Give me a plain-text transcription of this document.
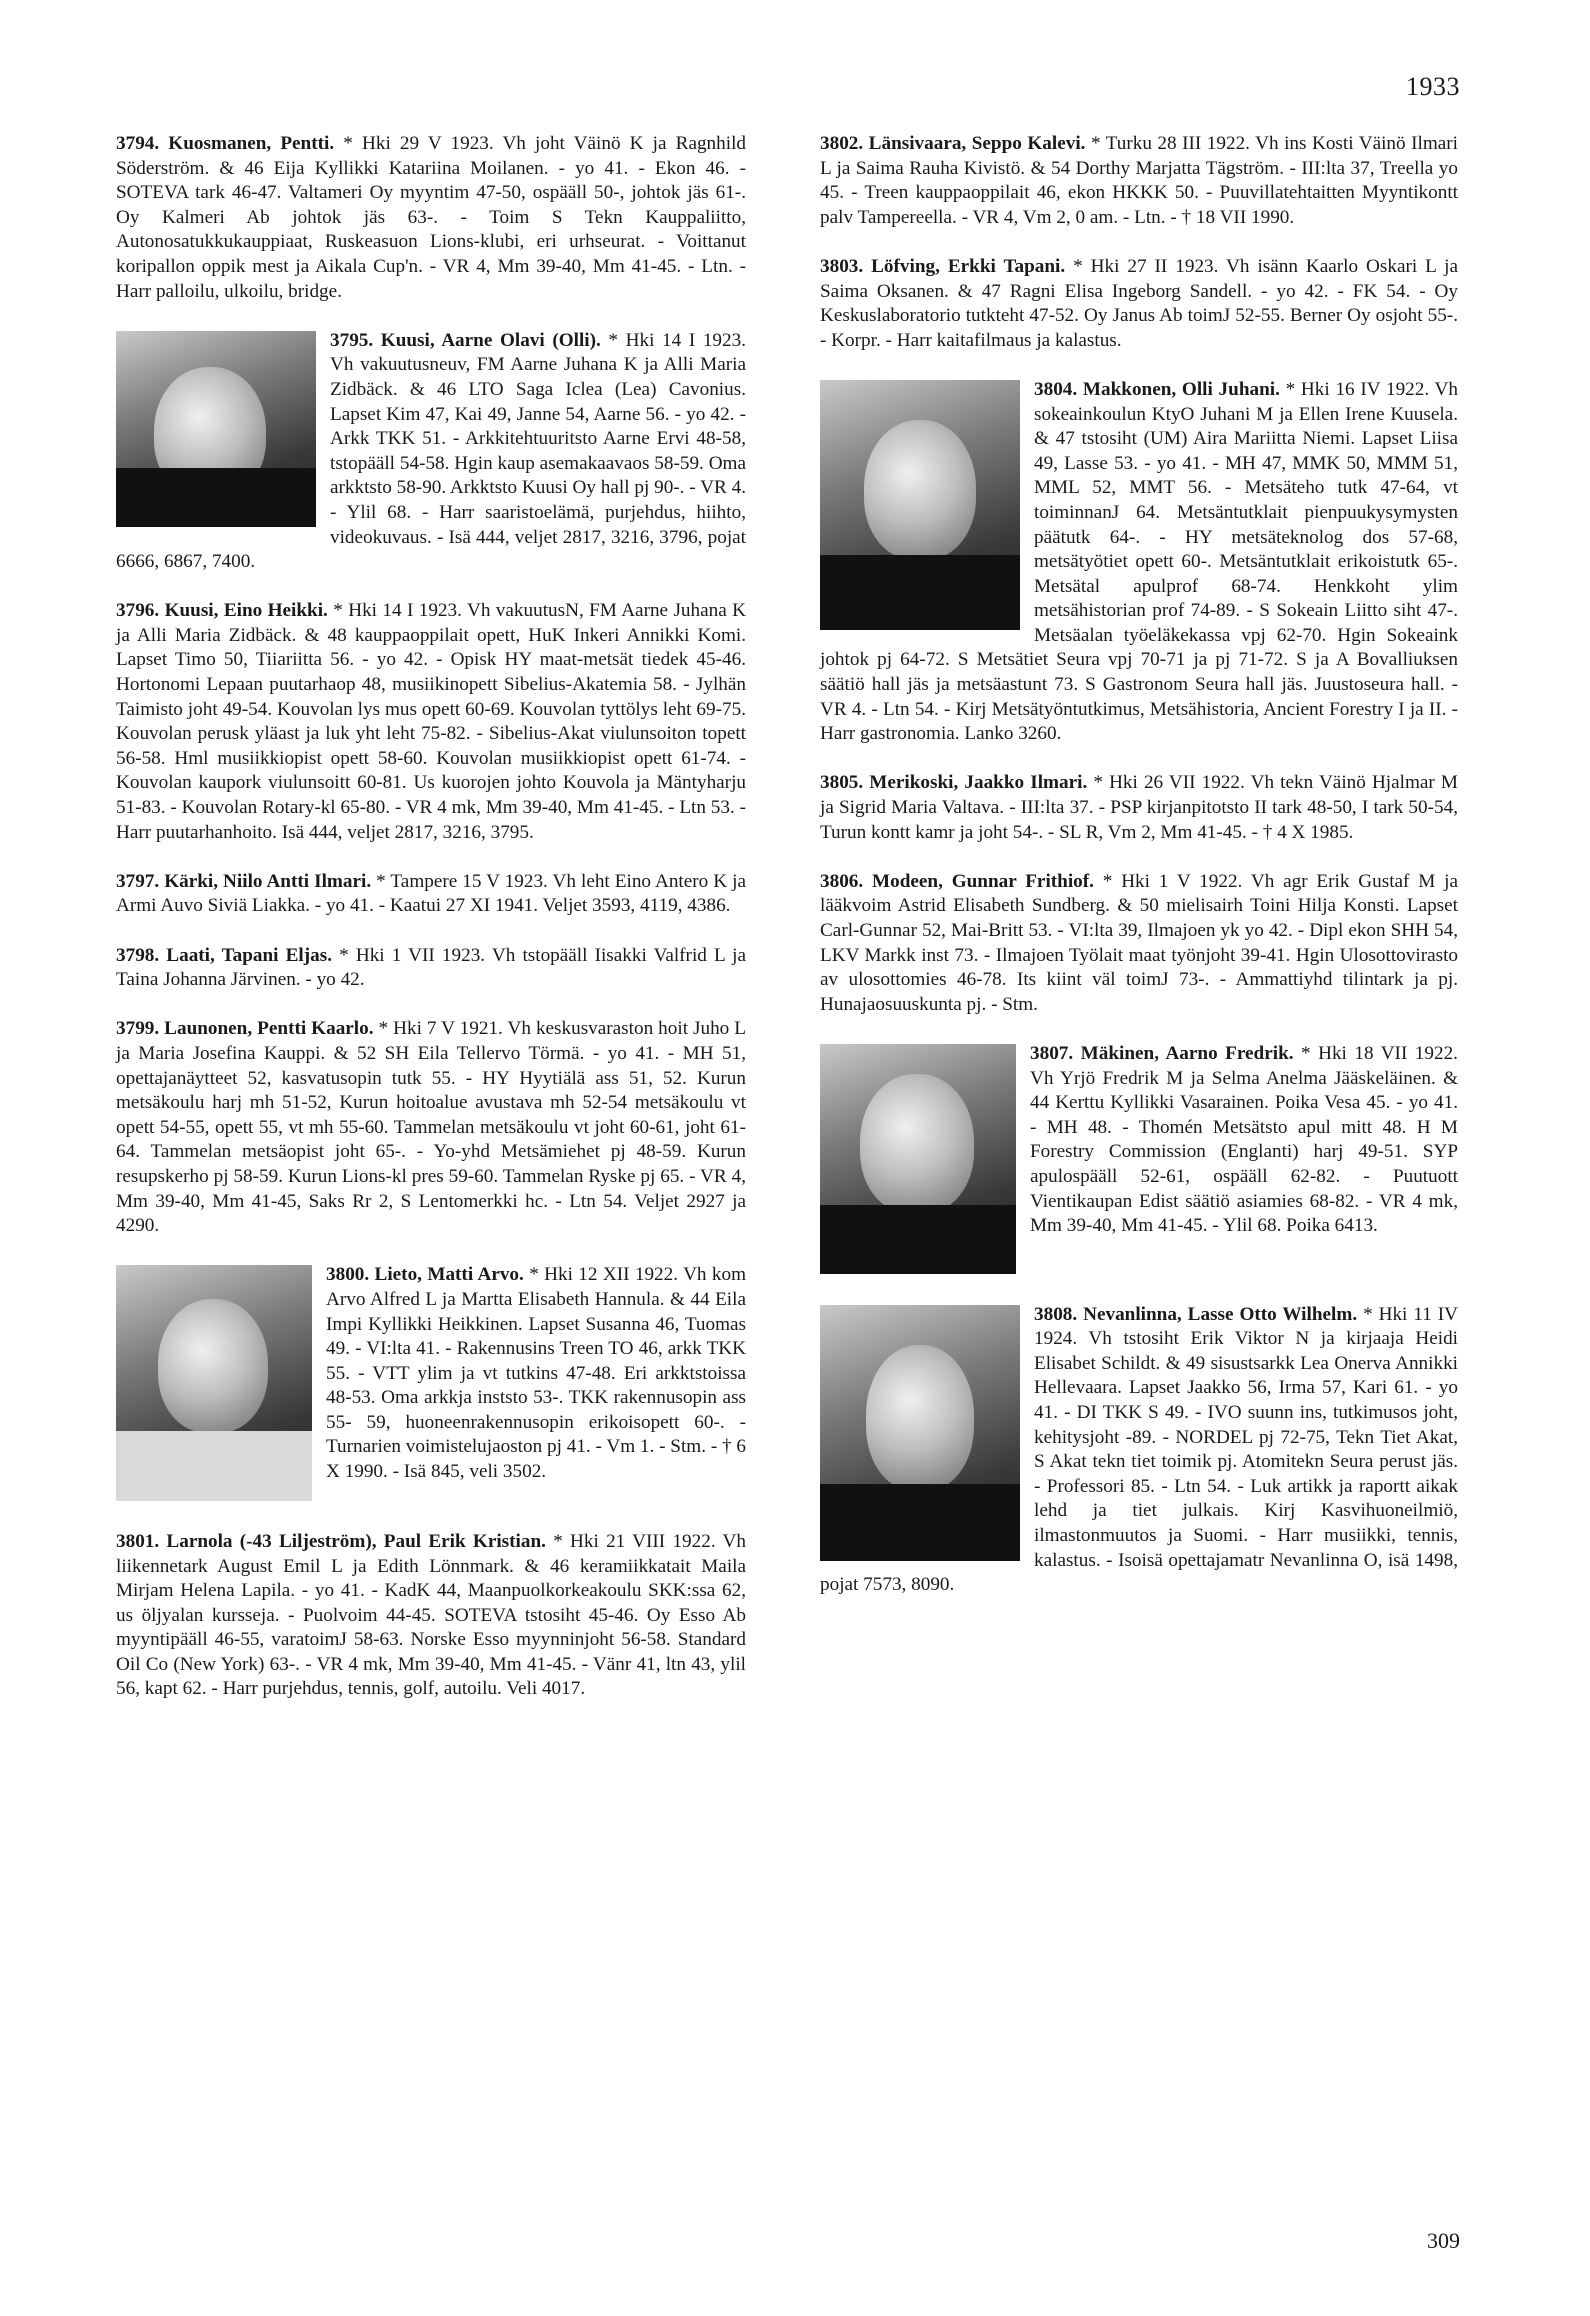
1933
3794. Kuosmanen, Pentti. * Hki 29 V 1923. Vh joht Väinö K ja Ragnhild Söderström. & 46 Eija Kyllikki Katariina Moilanen. - yo 41. - Ekon 46. - SOTEVA tark 46-47. Valtameri Oy myyntim 47-50, ospääll 50-, johtok jäs 61-. Oy Kalmeri Ab johtok jäs 63-. - Toim S Tekn Kauppaliitto, Autonosatukkukauppiaat, Ruskeasuon Lions-klubi, eri urhseurat. - Voittanut koripallon oppik mest ja Aikala Cup'n. - VR 4, Mm 39-40, Mm 41-45. - Ltn. - Harr palloilu, ulkoilu, bridge.
3795. Kuusi, Aarne Olavi (Olli). * Hki 14 I 1923. Vh vakuutusneuv, FM Aarne Juhana K ja Alli Maria Zidbäck. & 46 LTO Saga Iclea (Lea) Cavonius. Lapset Kim 47, Kai 49, Janne 54, Aarne 56. - yo 42. - Arkk TKK 51. - Arkkitehtuuritsto Aarne Ervi 48-58, tstopääll 54-58. Hgin kaup asemakaavaos 58-59. Oma arkktsto 58-90. Arkktsto Kuusi Oy hall pj 90-. - VR 4. - Ylil 68. - Harr saaristoelämä, purjehdus, hiihto, videokuvaus. - Isä 444, veljet 2817, 3216, 3796, pojat 6666, 6867, 7400.
3796. Kuusi, Eino Heikki. * Hki 14 I 1923. Vh vakuutusN, FM Aarne Juhana K ja Alli Maria Zidbäck. & 48 kauppaoppilait opett, HuK Inkeri Annikki Komi. Lapset Timo 50, Tiiariitta 56. - yo 42. - Opisk HY maat-metsät tiedek 45-46. Hortonomi Lepaan puutarhaop 48, musiikinopett Sibelius-Akatemia 58. - Jylhän Taimisto joht 49-54. Kouvolan lys mus opett 60-69. Kouvolan tyttölys leht 69-75. Kouvolan perusk yläast ja luk yht leht 75-82. - Sibelius-Akat viulunsoiton topett 56-58. Hml musiikkiopist opett 58-60. Kouvolan musiikkiopist opett 61-74. - Kouvolan kaupork viulunsoitt 60-81. Us kuorojen johto Kouvola ja Mäntyharju 51-83. - Kouvolan Rotary-kl 65-80. - VR 4 mk, Mm 39-40, Mm 41-45. - Ltn 53. - Harr puutarhanhoito. Isä 444, veljet 2817, 3216, 3795.
3797. Kärki, Niilo Antti Ilmari. * Tampere 15 V 1923. Vh leht Eino Antero K ja Armi Auvo Siviä Liakka. - yo 41. - Kaatui 27 XI 1941. Veljet 3593, 4119, 4386.
3798. Laati, Tapani Eljas. * Hki 1 VII 1923. Vh tstopääll Iisakki Valfrid L ja Taina Johanna Järvinen. - yo 42.
3799. Launonen, Pentti Kaarlo. * Hki 7 V 1921. Vh keskusvaraston hoit Juho L ja Maria Josefina Kauppi. & 52 SH Eila Tellervo Törmä. - yo 41. - MH 51, opettajanäytteet 52, kasvatusopin tutk 55. - HY Hyytiälä ass 51, 52. Kurun metsäkoulu harj mh 51-52, Kurun hoitoalue avustava mh 52-54 metsäkoulu vt opett 54-55, opett 55, vt mh 55-60. Tammelan metsäkoulu vt joht 60-61, joht 61-64. Tammelan metsäopist joht 65-. - Yo-yhd Metsämiehet pj 48-59. Kurun resupskerho pj 58-59. Kurun Lions-kl pres 59-60. Tammelan Ryske pj 65. - VR 4, Mm 39-40, Mm 41-45, Saks Rr 2, S Lentomerkki hc. - Ltn 54. Veljet 2927 ja 4290.
3800. Lieto, Matti Arvo. * Hki 12 XII 1922. Vh kom Arvo Alfred L ja Martta Elisabeth Hannula. & 44 Eila Impi Kyllikki Heikkinen. Lapset Susanna 46, Tuomas 49. - VI:lta 41. - Rakennusins Treen TO 46, arkk TKK 55. - VTT ylim ja vt tutkins 47-48. Eri arkktstoissa 48-53. Oma arkkja inststo 53-. TKK rakennusopin ass 55- 59, huoneenrakennusopin erikoisopett 60-. - Turnarien voimistelujaoston pj 41. - Vm 1. - Stm. - † 6 X 1990. - Isä 845, veli 3502.
3801. Larnola (-43 Liljeström), Paul Erik Kristian. * Hki 21 VIII 1922. Vh liikennetark August Emil L ja Edith Lönnmark. & 46 keramiikkatait Maila Mirjam Helena Lapila. - yo 41. - KadK 44, Maanpuolkorkeakoulu SKK:ssa 62, us öljyalan kursseja. - Puolvoim 44-45. SOTEVA tstosiht 45-46. Oy Esso Ab myyntipääll 46-55, varatoimJ 58-63. Norske Esso myynninjoht 56-58. Standard Oil Co (New York) 63-. - VR 4 mk, Mm 39-40, Mm 41-45. - Vänr 41, ltn 43, ylil 56, kapt 62. - Harr purjehdus, tennis, golf, autoilu. Veli 4017.
3802. Länsivaara, Seppo Kalevi. * Turku 28 III 1922. Vh ins Kosti Väinö Ilmari L ja Saima Rauha Kivistö. & 54 Dorthy Marjatta Tägström. - III:lta 37, Treella yo 45. - Treen kauppaoppilait 46, ekon HKKK 50. - Puuvillatehtaitten Myyntikontt palv Tampereella. - VR 4, Vm 2, 0 am. - Ltn. - † 18 VII 1990.
3803. Löfving, Erkki Tapani. * Hki 27 II 1923. Vh isänn Kaarlo Oskari L ja Saima Oksanen. & 47 Ragni Elisa Ingeborg Sandell. - yo 42. - FK 54. - Oy Keskuslaboratorio tutkteht 47-52. Oy Janus Ab toimJ 52-55. Berner Oy osjoht 55-. - Korpr. - Harr kaitafilmaus ja kalastus.
3804. Makkonen, Olli Juhani. * Hki 16 IV 1922. Vh sokeainkoulun KtyO Juhani M ja Ellen Irene Kuusela. & 47 tstosiht (UM) Aira Mariitta Niemi. Lapset Liisa 49, Lasse 53. - yo 41. - MH 47, MMK 50, MMM 51, MML 52, MMT 56. - Metsäteho tutk 47-64, vt toiminnanJ 64. Metsäntutklait pienpuukysymysten päätutk 64-. - HY metsäteknolog dos 57-68, metsätyötiet opett 60-. Metsäntutklait erikoistutk 65-. Metsätal apulprof 68-74. Henkkoht ylim metsähistorian prof 74-89. - S Sokeain Liitto siht 47-. Metsäalan työeläkekassa vpj 62-70. Hgin Sokeaink johtok pj 64-72. S Metsätiet Seura vpj 70-71 ja pj 71-72. S ja A Bovalliuksen säätiö hall jäs ja metsäastunt 73. S Gastronom Seura hall jäs. Juustoseura hall. - VR 4. - Ltn 54. - Kirj Metsätyöntutkimus, Metsähistoria, Ancient Forestry I ja II. - Harr gastronomia. Lanko 3260.
3805. Merikoski, Jaakko Ilmari. * Hki 26 VII 1922. Vh tekn Väinö Hjalmar M ja Sigrid Maria Valtava. - III:lta 37. - PSP kirjanpitotsto II tark 48-50, I tark 50-54, Turun kontt kamr ja joht 54-. - SL R, Vm 2, Mm 41-45. - † 4 X 1985.
3806. Modeen, Gunnar Frithiof. * Hki 1 V 1922. Vh agr Erik Gustaf M ja lääkvoim Astrid Elisabeth Sundberg. & 50 mielisairh Toini Hilja Konsti. Lapset Carl-Gunnar 52, Mai-Britt 53. - VI:lta 39, Ilmajoen yk yo 42. - Dipl ekon SHH 54, LKV Markk inst 73. - Ilmajoen Työlait maat työnjoht 39-41. Hgin Ulosottovirasto av ulosottomies 46-78. Its kiint väl toimJ 73-. - Ammattiyhd tilintark ja pj. Hunajaosuuskunta pj. - Stm.
3807. Mäkinen, Aarno Fredrik. * Hki 18 VII 1922. Vh Yrjö Fredrik M ja Selma Anelma Jääskeläinen. & 44 Kerttu Kyllikki Vasarainen. Poika Vesa 45. - yo 41. - MH 48. - Thomén Metsätsto apul mitt 48. H M Forestry Commission (Englanti) harj 49-51. SYP apulospääll 52-61, ospääll 62-82. - Puutuott Vientikaupan Edist säätiö asiamies 68-82. - VR 4 mk, Mm 39-40, Mm 41-45. - Ylil 68. Poika 6413.
3808. Nevanlinna, Lasse Otto Wilhelm. * Hki 11 IV 1924. Vh tstosiht Erik Viktor N ja kirjaaja Heidi Elisabet Schildt. & 49 sisustsarkk Lea Onerva Annikki Hellevaara. Lapset Jaakko 56, Irma 57, Kari 61. - yo 41. - DI TKK S 49. - IVO suunn ins, tutkimusos joht, kehitysjoht -89. - NORDEL pj 72-75, Tekn Tiet Akat, S Akat tekn tiet toimik pj. Atomitekn Seura perust jäs. - Professori 85. - Ltn 54. - Luk artikk ja raportt aikak lehd ja tiet julkais. Kirj Kasvihuoneilmiö, ilmastonmuutos ja Suomi. - Harr musiikki, tennis, kalastus. - Isoisä opettajamatr Nevanlinna O, isä 1498, pojat 7573, 8090.
309
